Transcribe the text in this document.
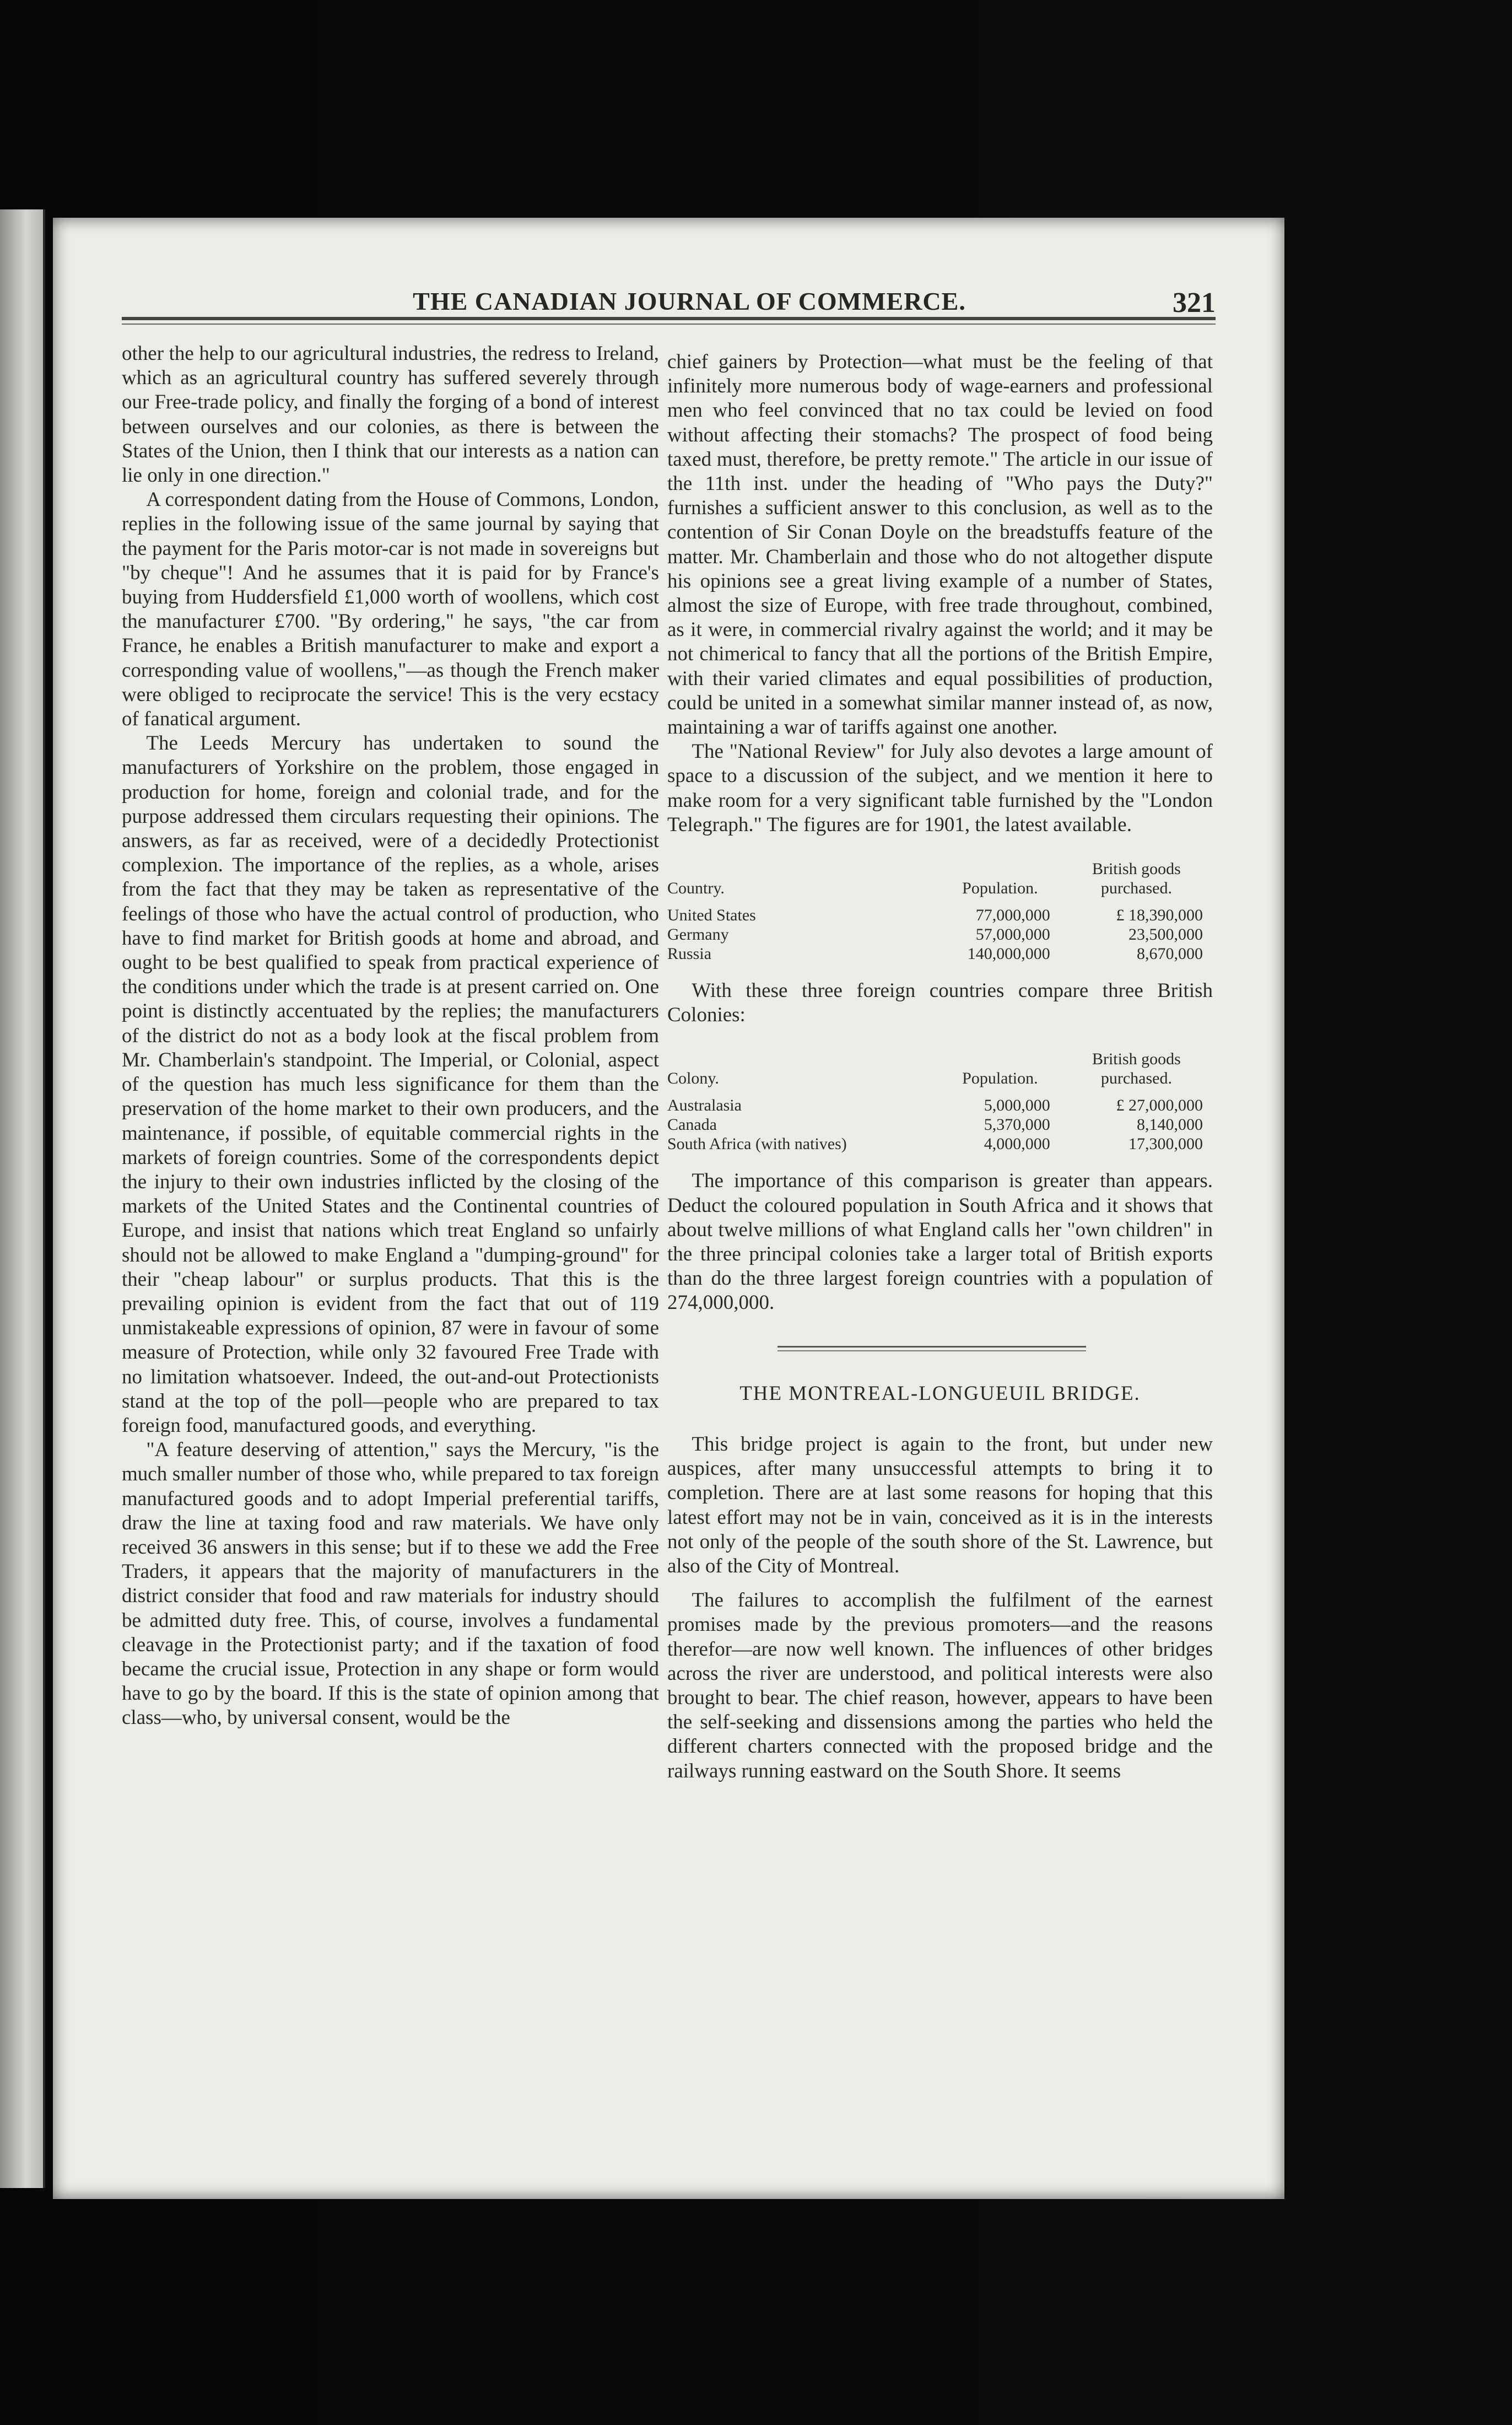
THE CANADIAN JOURNAL OF COMMERCE.	321

other the help to our agricultural industries, the redress to Ireland, which as an agricultural country has suffered severely through our Free-trade policy, and finally the forging of a bond of interest between ourselves and our colonies, as there is between the States of the Union, then I think that our interests as a nation can lie only in one direction."

A correspondent dating from the House of Commons, London, replies in the following issue of the same journal by saying that the payment for the Paris motor-car is not made in sovereigns but "by cheque"! And he assumes that it is paid for by France's buying from Huddersfield £1,000 worth of woollens, which cost the manufacturer £700. "By ordering," he says, "the car from France, he enables a British manufacturer to make and export a corresponding value of woollens,"—as though the French maker were obliged to reciprocate the service! This is the very ecstacy of fanatical argument.

The Leeds Mercury has undertaken to sound the manufacturers of Yorkshire on the problem, those engaged in production for home, foreign and colonial trade, and for the purpose addressed them circulars requesting their opinions. The answers, as far as received, were of a decidedly Protectionist complexion. The importance of the replies, as a whole, arises from the fact that they may be taken as representative of the feelings of those who have the actual control of production, who have to find market for British goods at home and abroad, and ought to be best qualified to speak from practical experience of the conditions under which the trade is at present carried on. One point is distinctly accentuated by the replies; the manufacturers of the district do not as a body look at the fiscal problem from Mr. Chamberlain's standpoint. The Imperial, or Colonial, aspect of the question has much less significance for them than the preservation of the home market to their own producers, and the maintenance, if possible, of equitable commercial rights in the markets of foreign countries. Some of the correspondents depict the injury to their own industries inflicted by the closing of the markets of the United States and the Continental countries of Europe, and insist that nations which treat England so unfairly should not be allowed to make England a "dumping-ground" for their "cheap labour" or surplus products. That this is the prevailing opinion is evident from the fact that out of 119 unmistakeable expressions of opinion, 87 were in favour of some measure of Protection, while only 32 favoured Free Trade with no limitation whatsoever. Indeed, the out-and-out Protectionists stand at the top of the poll—people who are prepared to tax foreign food, manufactured goods, and everything.

"A feature deserving of attention," says the Mercury, "is the much smaller number of those who, while prepared to tax foreign manufactured goods and to adopt Imperial preferential tariffs, draw the line at taxing food and raw materials. We have only received 36 answers in this sense; but if to these we add the Free Traders, it appears that the majority of manufacturers in the district consider that food and raw materials for industry should be admitted duty free. This, of course, involves a fundamental cleavage in the Protectionist party; and if the taxation of food became the crucial issue, Protection in any shape or form would have to go by the board. If this is the state of opinion among that class—who, by universal consent, would be the

chief gainers by Protection—what must be the feeling of that infinitely more numerous body of wage-earners and professional men who feel convinced that no tax could be levied on food without affecting their stomachs? The prospect of food being taxed must, therefore, be pretty remote." The article in our issue of the 11th inst. under the heading of "Who pays the Duty?" furnishes a sufficient answer to this conclusion, as well as to the contention of Sir Conan Doyle on the breadstuffs feature of the matter. Mr. Chamberlain and those who do not altogether dispute his opinions see a great living example of a number of States, almost the size of Europe, with free trade throughout, combined, as it were, in commercial rivalry against the world; and it may be not chimerical to fancy that all the portions of the British Empire, with their varied climates and equal possibilities of production, could be united in a somewhat similar manner instead of, as now, maintaining a war of tariffs against one another.

The "National Review" for July also devotes a large amount of space to a discussion of the subject, and we mention it here to make room for a very significant table furnished by the "London Telegraph." The figures are for 1901, the latest available.

Country.	Population.	British goods purchased.
United States	77,000,000	£ 18,390,000
Germany	57,000,000	23,500,000
Russia	140,000,000	8,670,000

With these three foreign countries compare three British Colonies:

Colony.	Population.	British goods purchased.
Australasia	5,000,000	£ 27,000,000
Canada	5,370,000	8,140,000
South Africa (with natives)	4,000,000	17,300,000

The importance of this comparison is greater than appears. Deduct the coloured population in South Africa and it shows that about twelve millions of what England calls her "own children" in the three principal colonies take a larger total of British exports than do the three largest foreign countries with a population of 274,000,000.

THE MONTREAL-LONGUEUIL BRIDGE.

This bridge project is again to the front, but under new auspices, after many unsuccessful attempts to bring it to completion. There are at last some reasons for hoping that this latest effort may not be in vain, conceived as it is in the interests not only of the people of the south shore of the St. Lawrence, but also of the City of Montreal.

The failures to accomplish the fulfilment of the earnest promises made by the previous promoters—and the reasons therefor—are now well known. The influences of other bridges across the river are understood, and political interests were also brought to bear. The chief reason, however, appears to have been the self-seeking and dissensions among the parties who held the different charters connected with the proposed bridge and the railways running eastward on the South Shore. It seems
